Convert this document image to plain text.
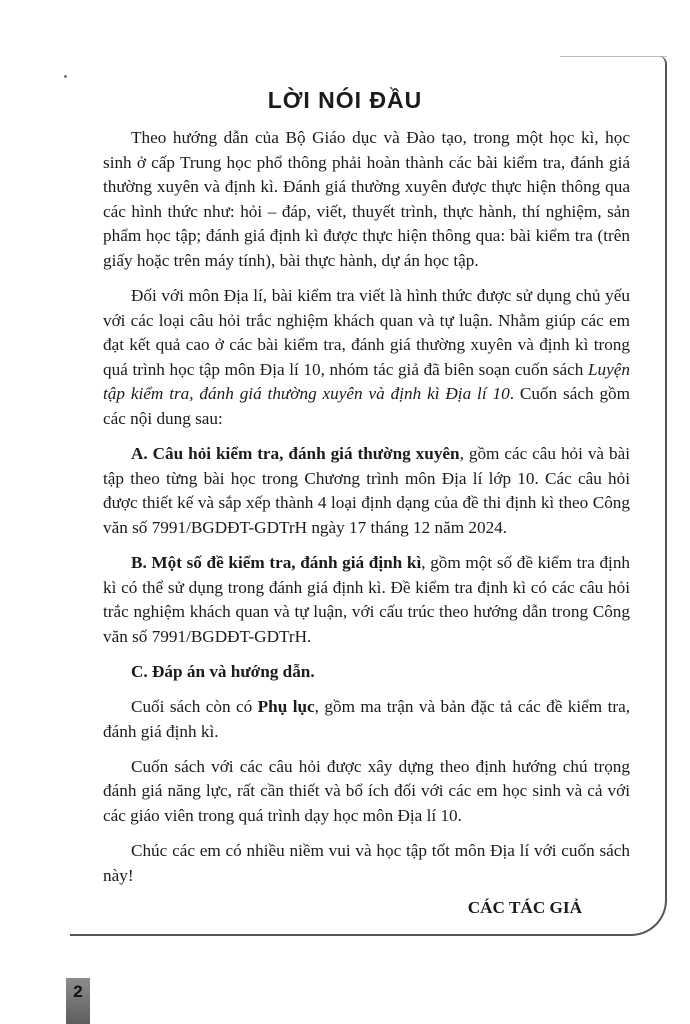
LỜI NÓI ĐẦU

Theo hướng dẫn của Bộ Giáo dục và Đào tạo, trong một học kì, học sinh ở cấp Trung học phổ thông phải hoàn thành các bài kiểm tra, đánh giá thường xuyên và định kì. Đánh giá thường xuyên được thực hiện thông qua các hình thức như: hỏi – đáp, viết, thuyết trình, thực hành, thí nghiệm, sản phẩm học tập; đánh giá định kì được thực hiện thông qua: bài kiểm tra (trên giấy hoặc trên máy tính), bài thực hành, dự án học tập.

Đối với môn Địa lí, bài kiểm tra viết là hình thức được sử dụng chủ yếu với các loại câu hỏi trắc nghiệm khách quan và tự luận. Nhằm giúp các em đạt kết quả cao ở các bài kiểm tra, đánh giá thường xuyên và định kì trong quá trình học tập môn Địa lí 10, nhóm tác giả đã biên soạn cuốn sách Luyện tập kiểm tra, đánh giá thường xuyên và định kì Địa lí 10. Cuốn sách gồm các nội dung sau:

A. Câu hỏi kiểm tra, đánh giá thường xuyên, gồm các câu hỏi và bài tập theo từng bài học trong Chương trình môn Địa lí lớp 10. Các câu hỏi được thiết kế và sắp xếp thành 4 loại định dạng của đề thi định kì theo Công văn số 7991/BGDĐT-GDTrH ngày 17 tháng 12 năm 2024.

B. Một số đề kiểm tra, đánh giá định kì, gồm một số đề kiểm tra định kì có thể sử dụng trong đánh giá định kì. Đề kiểm tra định kì có các câu hỏi trắc nghiệm khách quan và tự luận, với cấu trúc theo hướng dẫn trong Công văn số 7991/BGDĐT-GDTrH.

C. Đáp án và hướng dẫn.

Cuối sách còn có Phụ lục, gồm ma trận và bản đặc tả các đề kiểm tra, đánh giá định kì.

Cuốn sách với các câu hỏi được xây dựng theo định hướng chú trọng đánh giá năng lực, rất cần thiết và bổ ích đối với các em học sinh và cả với các giáo viên trong quá trình dạy học môn Địa lí 10.

Chúc các em có nhiều niềm vui và học tập tốt môn Địa lí với cuốn sách này!

CÁC TÁC GIẢ

2
